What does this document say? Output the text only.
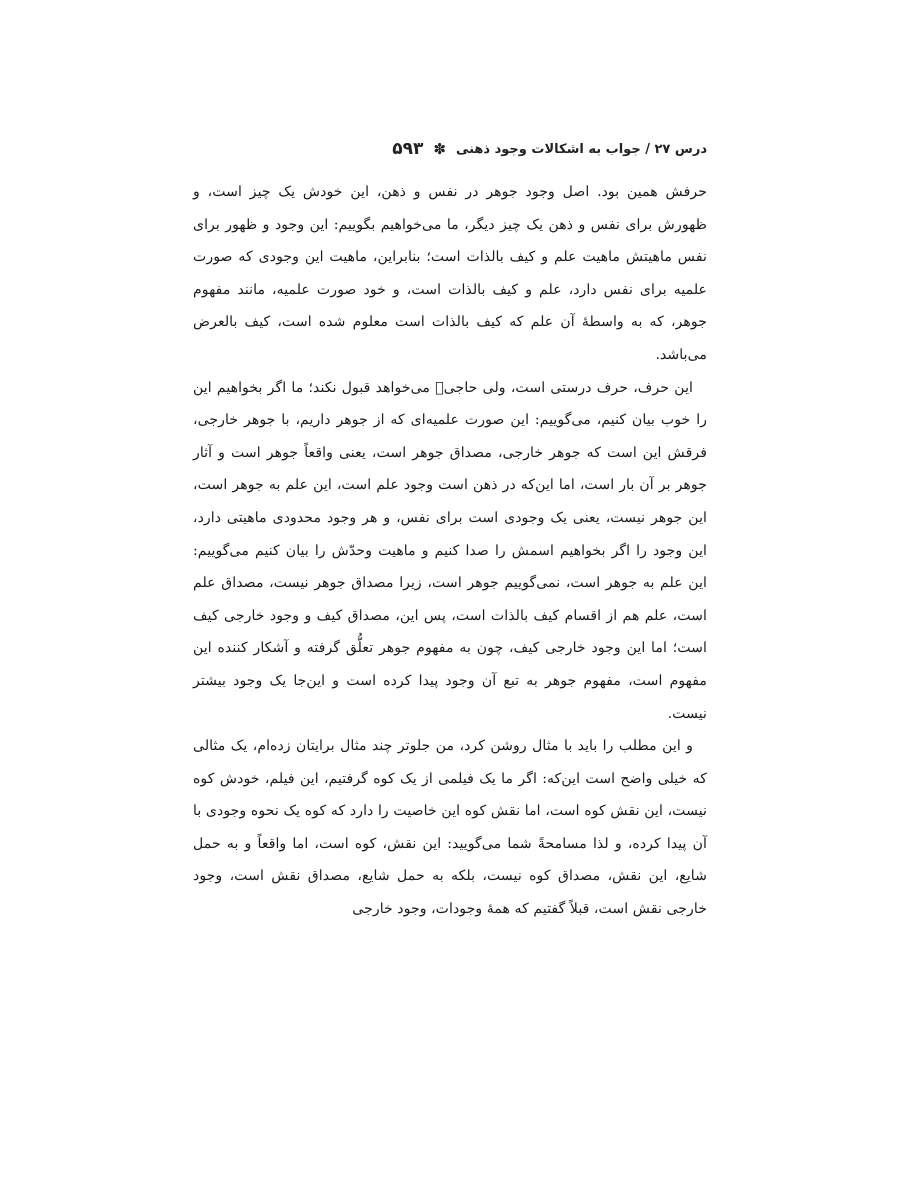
درس ۲۷ / جواب به اشکالات وجود ذهنی
✽
۵۹۳

حرفش همین بود. اصل وجود جوهر در نفس و ذهن، این خودش یک چیز است، و ظهورش برای نفس و ذهن یک چیز دیگر، ما می‌خواهیم بگوییم: این وجود و ظهور برای نفس ماهیتش ماهیت علم و کیف بالذات است؛ بنابراین، ماهیت این وجودی که صورت علمیه برای نفس دارد، علم و کیف بالذات است، و خود صورت علمیه، مانند مفهوم جوهر، که به واسطهٔ آن علم که کیف بالذات است معلوم شده است، کیف بالعرض می‌باشد.

این حرف، حرف درستی است، ولی حاجی﷫ می‌خواهد قبول نکند؛ ما اگر بخواهیم این را خوب بیان کنیم، می‌گوییم: این صورت علمیه‌ای که از جوهر داریم، با جوهر خارجی، فرقش این است که جوهر خارجی، مصداق جوهر است، یعنی واقعاً جوهر است و آثار جوهر بر آن بار است، اما این‌که در ذهن است وجود علم است، این علم به جوهر است، این جوهر نیست، یعنی یک وجودی است برای نفس، و هر وجود محدودی ماهیتی دارد، این وجود را اگر بخواهیم اسمش را صدا کنیم و ماهیت وحدّش را بیان کنیم می‌گوییم: این علم به جوهر است، نمی‌گوییم جوهر است، زیرا مصداق جوهر نیست، مصداق علم است، علم هم از اقسام کیف بالذات است، پس این، مصداق کیف و وجود خارجی کیف است؛ اما این وجود خارجی کیف، چون به مفهوم جوهر تعلُّق گرفته و آشکار کننده این مفهوم است، مفهوم جوهر به تبع آن وجود پیدا کرده است و این‌جا یک وجود بیشتر نیست.

و این مطلب را باید با مثال روشن کرد، من جلوتر چند مثال برایتان زده‌ام، یک مثالی که خیلی واضح است این‌که: اگر ما یک فیلمی از یک کوه گرفتیم، این فیلم، خودش کوه نیست، این نقش کوه است، اما نقش کوه این خاصیت را دارد که کوه یک نحوه وجودی با آن پیدا کرده، و لذا مسامحةً شما می‌گویید: این نقش، کوه است، اما واقعاً و به حمل شایع، این نقش، مصداق کوه نیست، بلکه به حمل شایع، مصداق نقش است، وجود خارجی نقش است، قبلاً گفتیم که همهٔ وجودات، وجود خارجی
